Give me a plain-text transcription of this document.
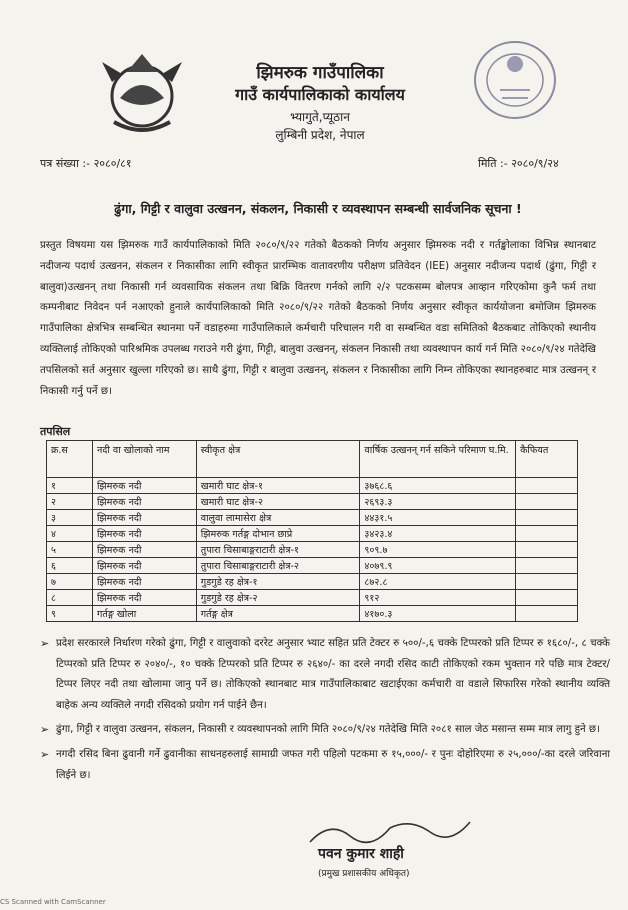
झिमरुक गाउँपालिका
गाउँ कार्यपालिकाको कार्यालय
भ्यागुते,प्यूठान
लुम्बिनी प्रदेश, नेपाल
पत्र संख्या :- २०८०/८१	मिति :- २०८०/९/२४
ढुंगा, गिट्टी र वालुवा उत्खनन, संकलन, निकासी र व्यवस्थापन सम्बन्धी सार्वजनिक सूचना !
प्रस्तुत विषयमा यस झिमरुक गाउँ कार्यपालिकाको मिति २०८०/९/२२ गतेको बैठकको निर्णय अनुसार झिमरुक नदी र गर्तङ्खोलाका विभिन्न स्थानबाट नदीजन्य पदार्थ उत्खनन, संकलन र निकासीका लागि स्वीकृत प्रारम्भिक वातावरणीय परीक्षण प्रतिवेदन (IEE) अनुसार नदीजन्य पदार्थ (ढुंगा, गिट्टी र बालुवा)उत्खनन् तथा निकासी गर्न व्यवसायिक संकलन तथा बिक्रि वितरण गर्नको लागि २/२ पटकसम्म बोलपत्र आव्हान गरिएकोमा कुनै फर्म तथा कम्पनीबाट निवेदन पर्न नआएको हुनाले कार्यपालिकाको मिति २०८०/९/२२ गतेको बैठकको निर्णय अनुसार स्वीकृत कार्ययोजना बमोजिम झिमरुक गाउँपालिका क्षेत्रभित्र सम्बन्धित स्थानमा पर्ने वडाहरुमा गाउँपालिकाले कर्मचारी परिचालन गरी वा सम्बन्धित वडा समितिको बैठकबाट तोकिएको स्थानीय व्यक्तिलाई तोकिएको पारिश्रमिक उपलब्ध गराउने गरी ढुंगा, गिट्टी, बालुवा उत्खनन्, संकलन निकासी तथा व्यवस्थापन कार्य गर्न मिति २०८०/९/२४ गतेदेखि तपसिलको सर्त अनुसार खुल्ला गरिएको छ। साथै ढुंगा, गिट्टी र बालुवा उत्खनन्, संकलन र निकासीका लागि निम्न तोकिएका स्थानहरुबाट मात्र उत्खनन् र निकासी गर्नु पर्ने छ।
तपसिल
क्र.स	नदी वा खोलाको नाम	स्वीकृत क्षेत्र	वार्षिक उत्खनन् गर्न सकिने परिमाण घ.मि.	कैफियत
१	झिमरुक नदी	खमारी घाट क्षेत्र-१	३७६८.६	
२	झिमरुक नदी	खमारी घाट क्षेत्र-२	२६९३.३	
३	झिमरुक नदी	वालुवा लामासेरा क्षेत्र	४४३१.५	
४	झिमरुक नदी	झिमरुक गर्तङ्ग दोभान छाप्रे	३४२३.४	
५	झिमरुक नदी	तुपारा चिसाबाङ्गराटारी क्षेत्र-१	९०९.७	
६	झिमरुक नदी	तुपारा चिसाबाङ्गराटारी क्षेत्र-२	४०७९.९	
७	झिमरुक नदी	गुडगुडे रह क्षेत्र-१	८७२.८	
८	झिमरुक नदी	गुडगुडे रह क्षेत्र-२	९१२	
९	गर्तङ्ग खोला	गर्तङ्ग क्षेत्र	४१७०.३	
➢ प्रदेश सरकारले निर्धारण गरेको ढुंगा, गिट्टी र वालुवाको दररेट अनुसार भ्याट सहित प्रति टेक्टर रु ५००/-,६ चक्के टिप्परको प्रति टिप्पर रु १६८०/-, ८ चक्के टिप्परको प्रति टिप्पर रु २०४०/-, १० चक्के टिप्परको प्रति टिप्पर रु २६४०/- का दरले नगदी रसिद काटी तोकिएको रकम भुक्तान गरे पछि मात्र टेक्टर/टिप्पर लिएर नदी तथा खोलामा जानु पर्ने छ। तोकिएको स्थानबाट मात्र गाउँपालिकाबाट खटाईएका कर्मचारी वा वडाले सिफारिस गरेको स्थानीय व्यक्ति बाहेक अन्य व्यक्तिले नगदी रसिदको प्रयोग गर्न पाईने छैन।
➢ ढुंगा, गिट्टी र वालुवा उत्खनन, संकलन, निकासी र व्यवस्थापनको लागि मिति २०८०/९/२४ गतेदेखि मिति २०८१ साल जेठ मसान्त सम्म मात्र लागु हुने छ।
➢ नगदी रसिद बिना ढुवानी गर्ने ढुवानीका साधनहरुलाई सामाग्री जफत गरी पहिलो पटकमा रु १५,०००/- र पुनः दोहोरिएमा रु २५,०००/-का दरले जरिवाना लिईने छ।
पवन कुमार शाही
(प्रमुख प्रशासकीय अधिकृत)
CS Scanned with CamScanner
